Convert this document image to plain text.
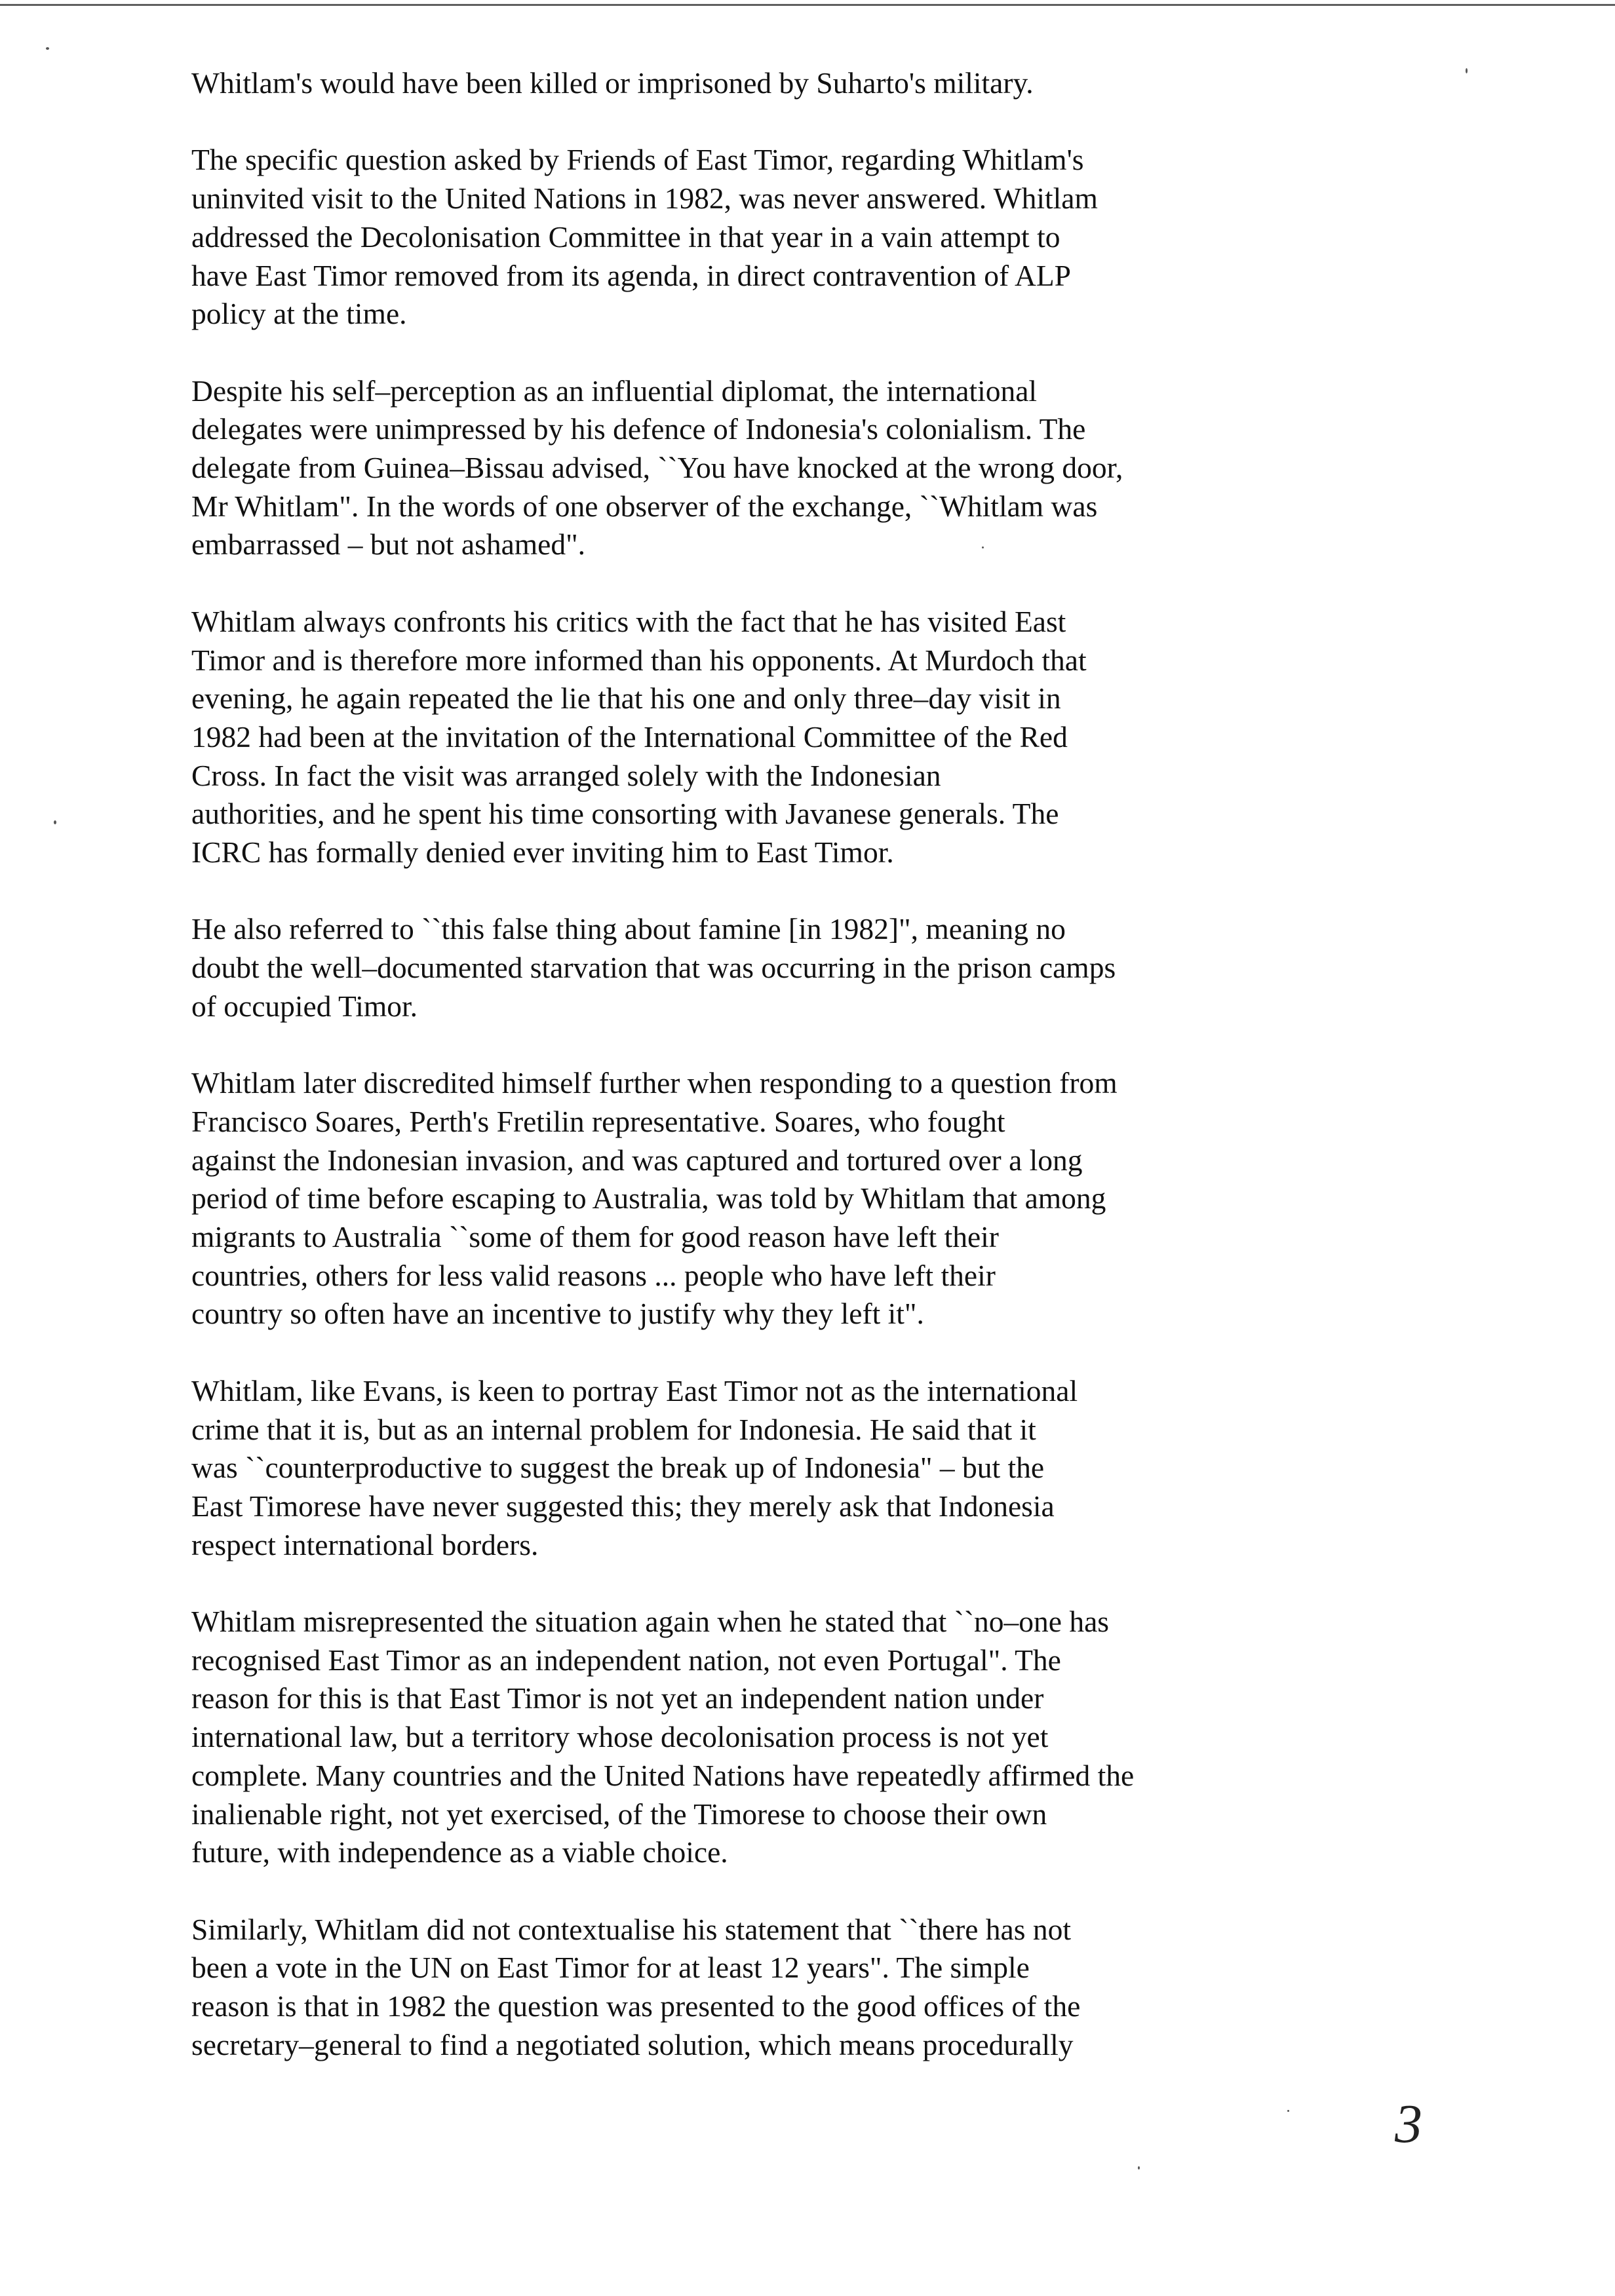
Whitlam's would have been killed or imprisoned by Suharto's military.
The specific question asked by Friends of East Timor, regarding Whitlam's
uninvited visit to the United Nations in 1982, was never answered. Whitlam
addressed the Decolonisation Committee in that year in a vain attempt to
have East Timor removed from its agenda, in direct contravention of ALP
policy at the time.
Despite his self–perception as an influential diplomat, the international
delegates were unimpressed by his defence of Indonesia's colonialism. The
delegate from Guinea–Bissau advised, ``You have knocked at the wrong door,
Mr Whitlam". In the words of one observer of the exchange, ``Whitlam was
embarrassed – but not ashamed".
Whitlam always confronts his critics with the fact that he has visited East
Timor and is therefore more informed than his opponents. At Murdoch that
evening, he again repeated the lie that his one and only three–day visit in
1982 had been at the invitation of the International Committee of the Red
Cross. In fact the visit was arranged solely with the Indonesian
authorities, and he spent his time consorting with Javanese generals. The
ICRC has formally denied ever inviting him to East Timor.
He also referred to ``this false thing about famine [in 1982]", meaning no
doubt the well–documented starvation that was occurring in the prison camps
of occupied Timor.
Whitlam later discredited himself further when responding to a question from
Francisco Soares, Perth's Fretilin representative. Soares, who fought
against the Indonesian invasion, and was captured and tortured over a long
period of time before escaping to Australia, was told by Whitlam that among
migrants to Australia ``some of them for good reason have left their
countries, others for less valid reasons ... people who have left their
country so often have an incentive to justify why they left it".
Whitlam, like Evans, is keen to portray East Timor not as the international
crime that it is, but as an internal problem for Indonesia. He said that it
was ``counterproductive to suggest the break up of Indonesia" – but the
East Timorese have never suggested this; they merely ask that Indonesia
respect international borders.
Whitlam misrepresented the situation again when he stated that ``no–one has
recognised East Timor as an independent nation, not even Portugal". The
reason for this is that East Timor is not yet an independent nation under
international law, but a territory whose decolonisation process is not yet
complete. Many countries and the United Nations have repeatedly affirmed the
inalienable right, not yet exercised, of the Timorese to choose their own
future, with independence as a viable choice.
Similarly, Whitlam did not contextualise his statement that ``there has not
been a vote in the UN on East Timor for at least 12 years". The simple
reason is that in 1982 the question was presented to the good offices of the
secretary–general to find a negotiated solution, which means procedurally
3
